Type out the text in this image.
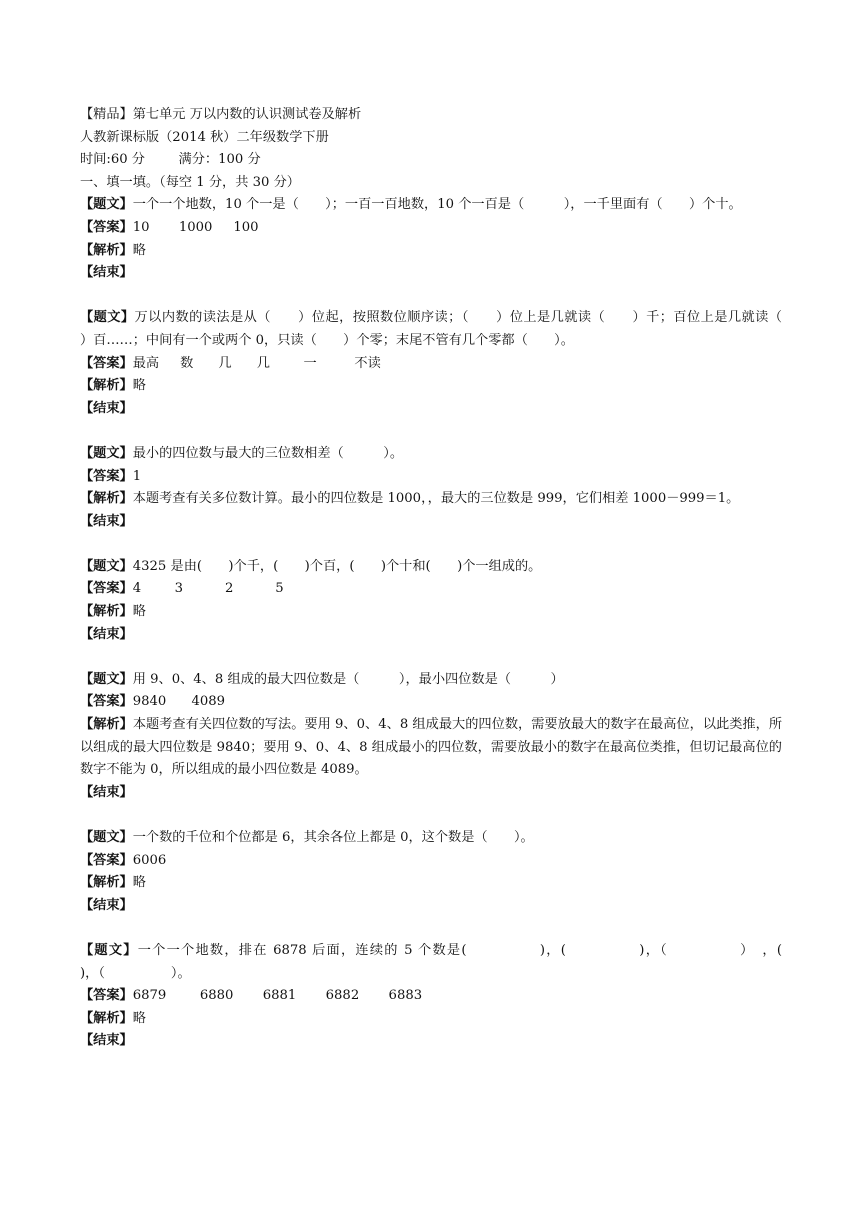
【精品】第七单元 万以内数的认识测试卷及解析

人教新课标版（2014 秋）二年级数学下册

时间:60 分        满分：100 分

一、填一填。（每空 1 分，共 30 分）

【题文】一个一个地数，10 个一是（　　）；一百一百地数，10 个一百是（　　　），一千里面有（　　）个十。

【答案】10       1000     100

【解析】略

【结束】

【题文】万以内数的读法是从（　　）位起，按照数位顺序读；（　　）位上是几就读（　　）千；百位上是几就读（　　）百……；中间有一个或两个 0，只读（　　）个零；末尾不管有几个零都（　　）。

【答案】最高     数      几      几        一         不读

【解析】略

【结束】

【题文】最小的四位数与最大的三位数相差（　　　）。

【答案】1

【解析】本题考查有关多位数计算。最小的四位数是 1000，，最大的三位数是 999，它们相差 1000－999＝1。

【结束】

【题文】4325 是由(　　)个千，(　　)个百，(　　)个十和(　　)个一组成的。

【答案】4        3          2          5

【解析】略

【结束】

【题文】用 9、0、4、8 组成的最大四位数是（　　　），最小四位数是（　　　）

【答案】9840      4089

【解析】本题考查有关四位数的写法。要用 9、0、4、8 组成最大的四位数，需要放最大的数字在最高位，以此类推，所以组成的最大四位数是 9840；要用 9、0、4、8 组成最小的四位数，需要放最小的数字在最高位类推，但切记最高位的数字不能为 0，所以组成的最小四位数是 4089。

【结束】

【题文】一个数的千位和个位都是 6，其余各位上都是 0，这个数是（　　）。

【答案】6006

【解析】略

【结束】

【题文】一个一个地数，排在 6878 后面，连续的 5 个数是(　　　　　)，(　　　　　)，（　　　　　）　，(　　　　　)，（　　　　　）。

【答案】6879        6880       6881       6882       6883

【解析】略

【结束】
